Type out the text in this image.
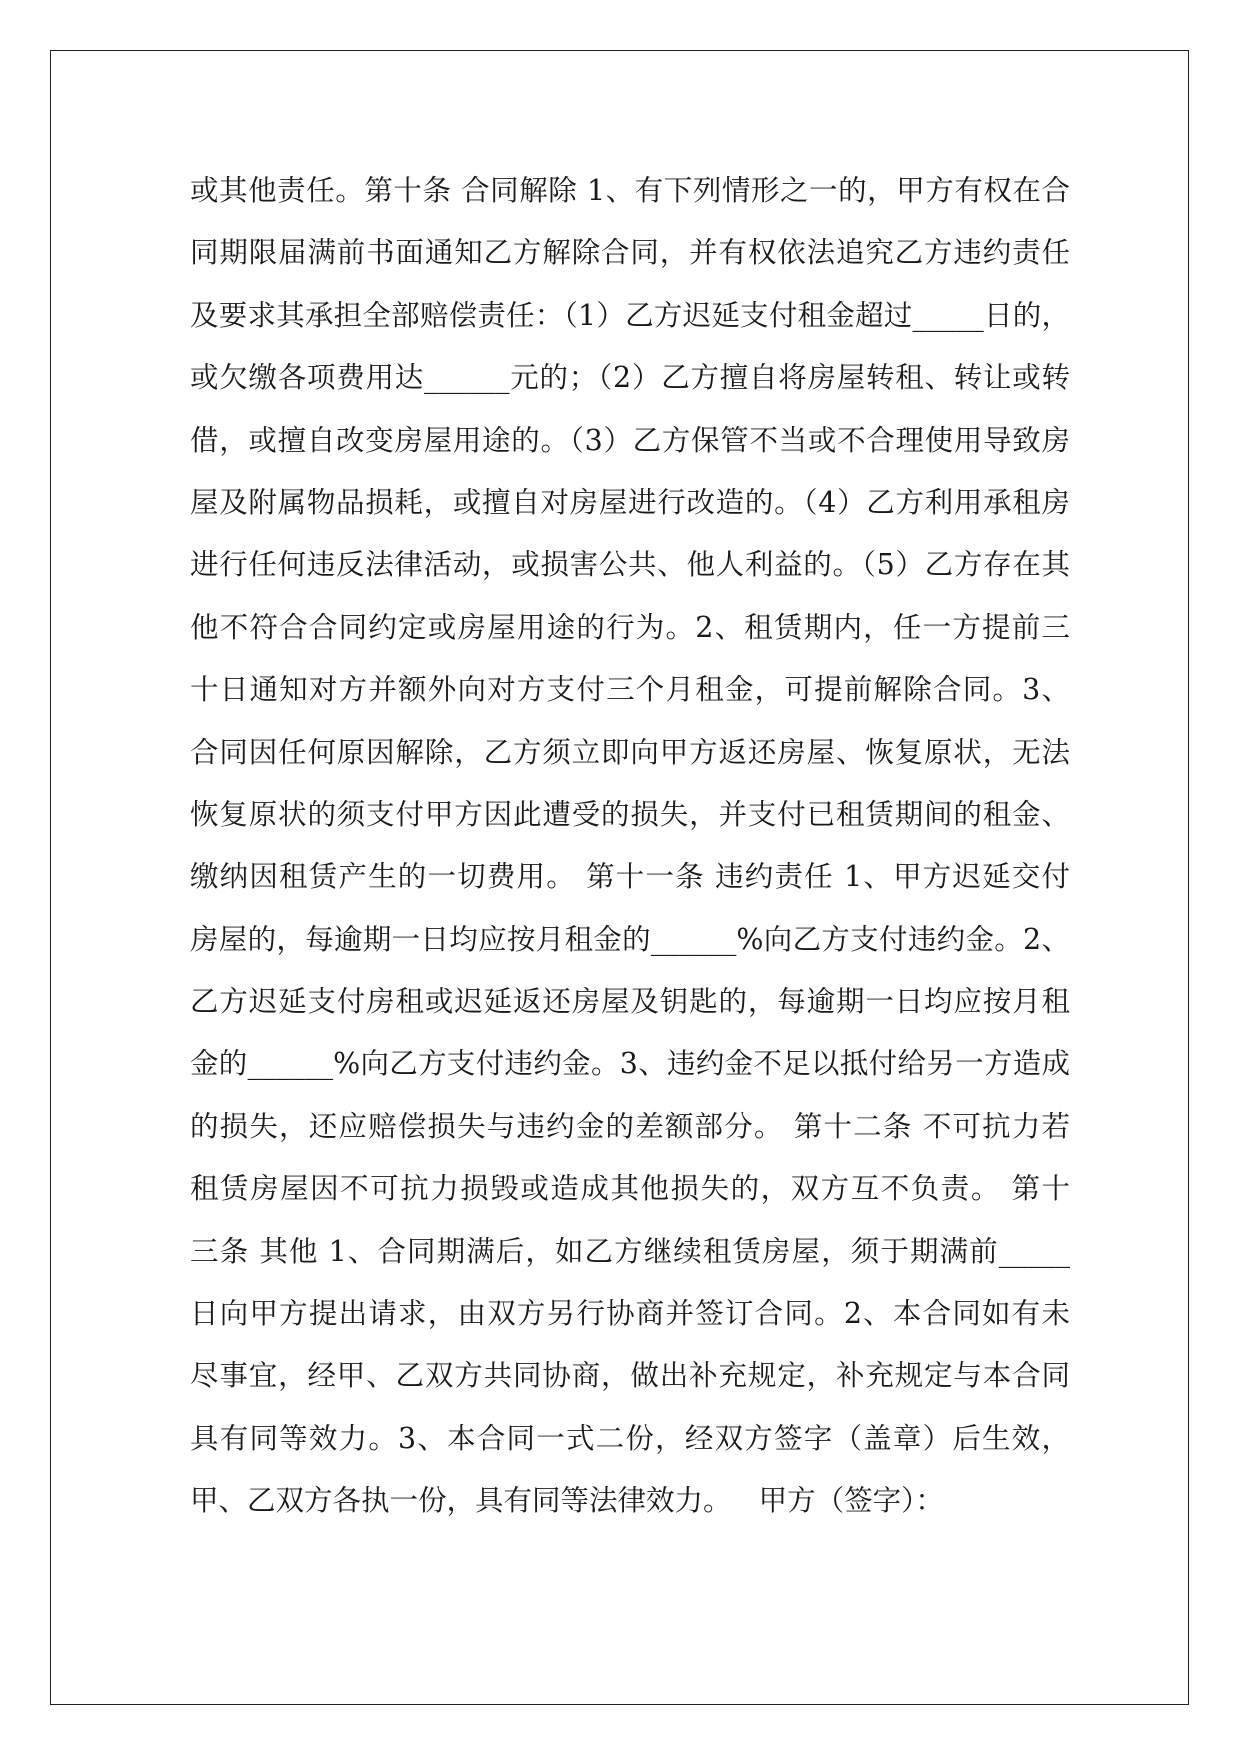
或其他责任。第十条 合同解除 1、有下列情形之一的，甲方有权在合
同期限届满前书面通知乙方解除合同，并有权依法追究乙方违约责任
及要求其承担全部赔偿责任：（1）乙方迟延支付租金超过_____日的，
或欠缴各项费用达______元的；（2）乙方擅自将房屋转租、转让或转
借，或擅自改变房屋用途的。（3）乙方保管不当或不合理使用导致房
屋及附属物品损耗，或擅自对房屋进行改造的。（4）乙方利用承租房
进行任何违反法律活动，或损害公共、他人利益的。（5）乙方存在其
他不符合合同约定或房屋用途的行为。2、租赁期内，任一方提前三
十日通知对方并额外向对方支付三个月租金，可提前解除合同。3、
合同因任何原因解除，乙方须立即向甲方返还房屋、恢复原状，无法
恢复原状的须支付甲方因此遭受的损失，并支付已租赁期间的租金、
缴纳因租赁产生的一切费用。 第十一条 违约责任 1、甲方迟延交付
房屋的，每逾期一日均应按月租金的______%向乙方支付违约金。2、
乙方迟延支付房租或迟延返还房屋及钥匙的，每逾期一日均应按月租
金的______%向乙方支付违约金。3、违约金不足以抵付给另一方造成
的损失，还应赔偿损失与违约金的差额部分。 第十二条 不可抗力若
租赁房屋因不可抗力损毁或造成其他损失的，双方互不负责。 第十
三条 其他 1、合同期满后，如乙方继续租赁房屋，须于期满前_____
日向甲方提出请求，由双方另行协商并签订合同。2、本合同如有未
尽事宜，经甲、乙双方共同协商，做出补充规定，补充规定与本合同
具有同等效力。3、本合同一式二份，经双方签字（盖章）后生效，
甲、乙双方各执一份，具有同等法律效力。   甲方（签字）：
